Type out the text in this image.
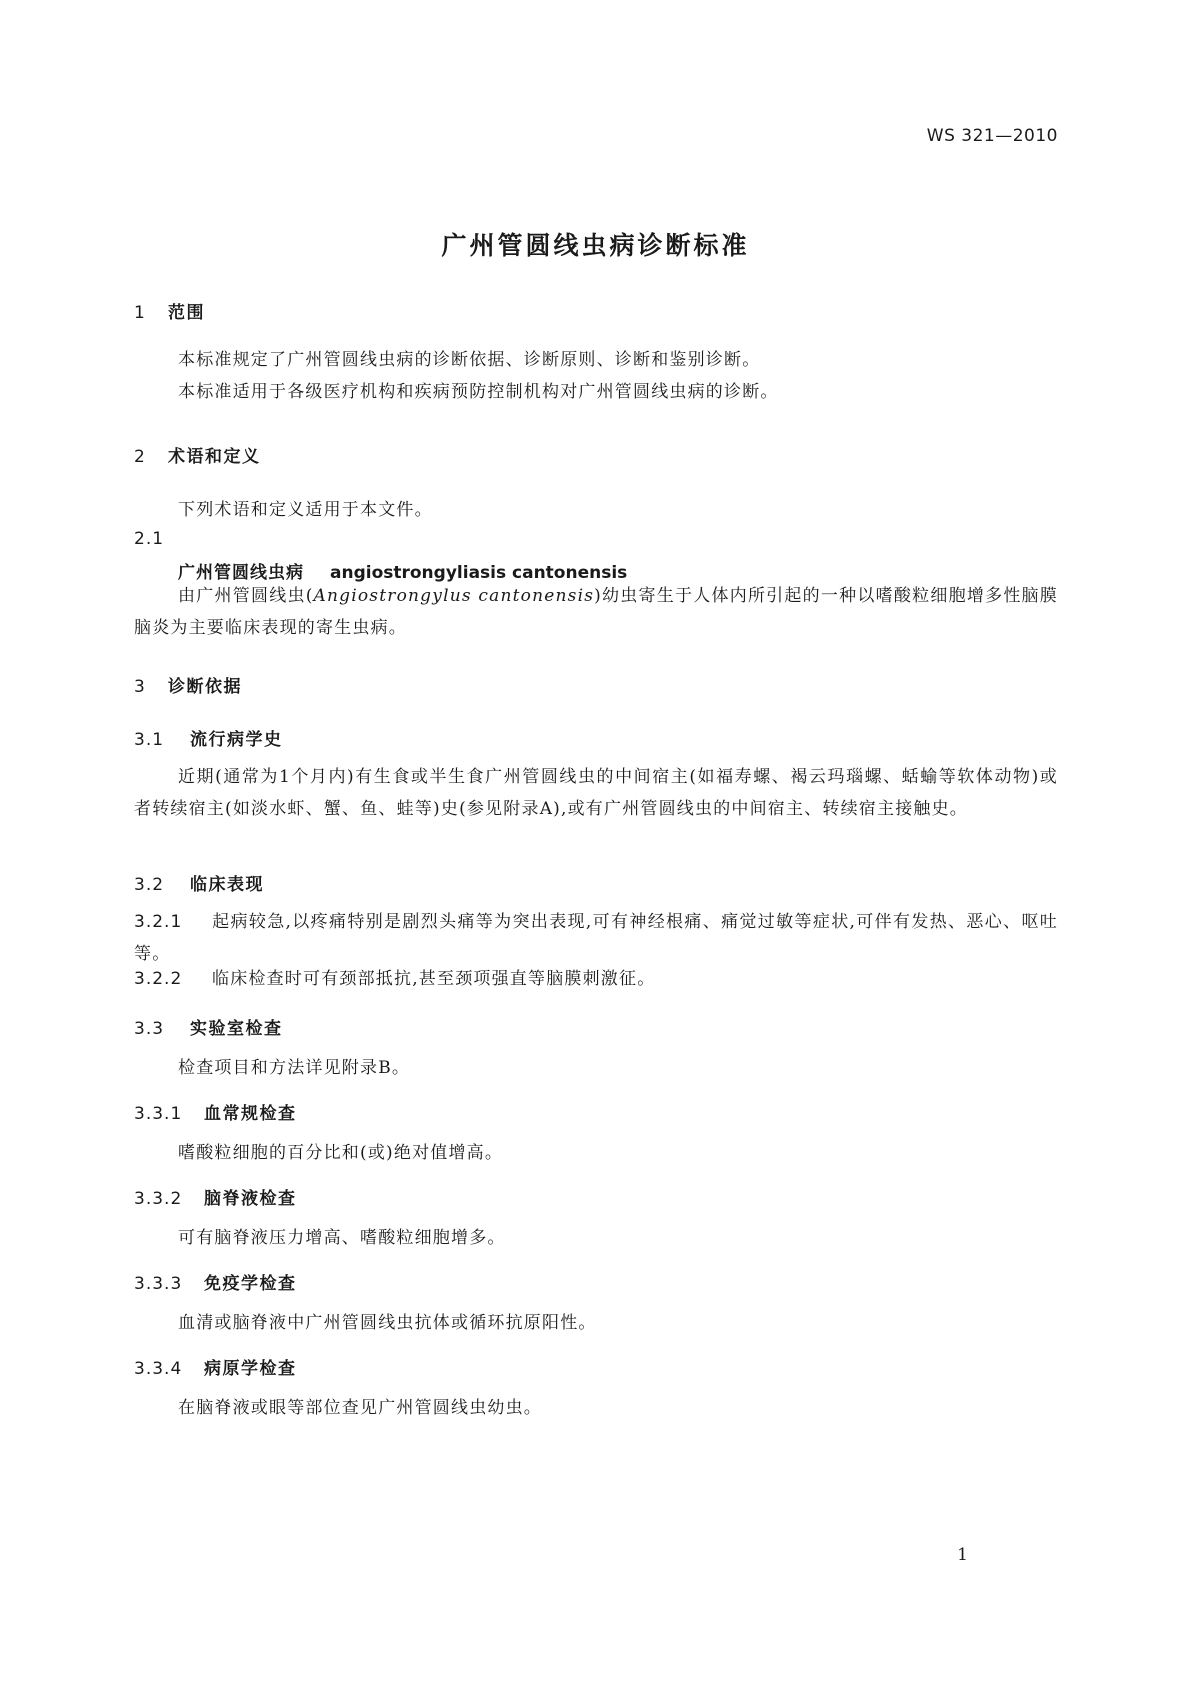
WS 321—2010
广州管圆线虫病诊断标准
1 范围

本标准规定了广州管圆线虫病的诊断依据、诊断原则、诊断和鉴别诊断。

本标准适用于各级医疗机构和疾病预防控制机构对广州管圆线虫病的诊断。

2 术语和定义

下列术语和定义适用于本文件。

2.1
广州管圆线虫病 angiostrongyliasis cantonensis

由广州管圆线虫(Angiostrongylus cantonensis)幼虫寄生于人体内所引起的一种以嗜酸粒细胞增多性脑膜脑炎为主要临床表现的寄生虫病。

3 诊断依据
3.1 流行病学史

近期(通常为1个月内)有生食或半生食广州管圆线虫的中间宿主(如福寿螺、褐云玛瑙螺、蛞蝓等软体动物)或者转续宿主(如淡水虾、蟹、鱼、蛙等)史(参见附录A),或有广州管圆线虫的中间宿主、转续宿主接触史。

3.2 临床表现

3.2.1 起病较急,以疼痛特别是剧烈头痛等为突出表现,可有神经根痛、痛觉过敏等症状,可伴有发热、恶心、呕吐等。

3.2.2 临床检查时可有颈部抵抗,甚至颈项强直等脑膜刺激征。

3.3 实验室检查

检查项目和方法详见附录B。

3.3.1 血常规检查

嗜酸粒细胞的百分比和(或)绝对值增高。

3.3.2 脑脊液检查

可有脑脊液压力增高、嗜酸粒细胞增多。

3.3.3 免疫学检查

血清或脑脊液中广州管圆线虫抗体或循环抗原阳性。

3.3.4 病原学检查

在脑脊液或眼等部位查见广州管圆线虫幼虫。

1
